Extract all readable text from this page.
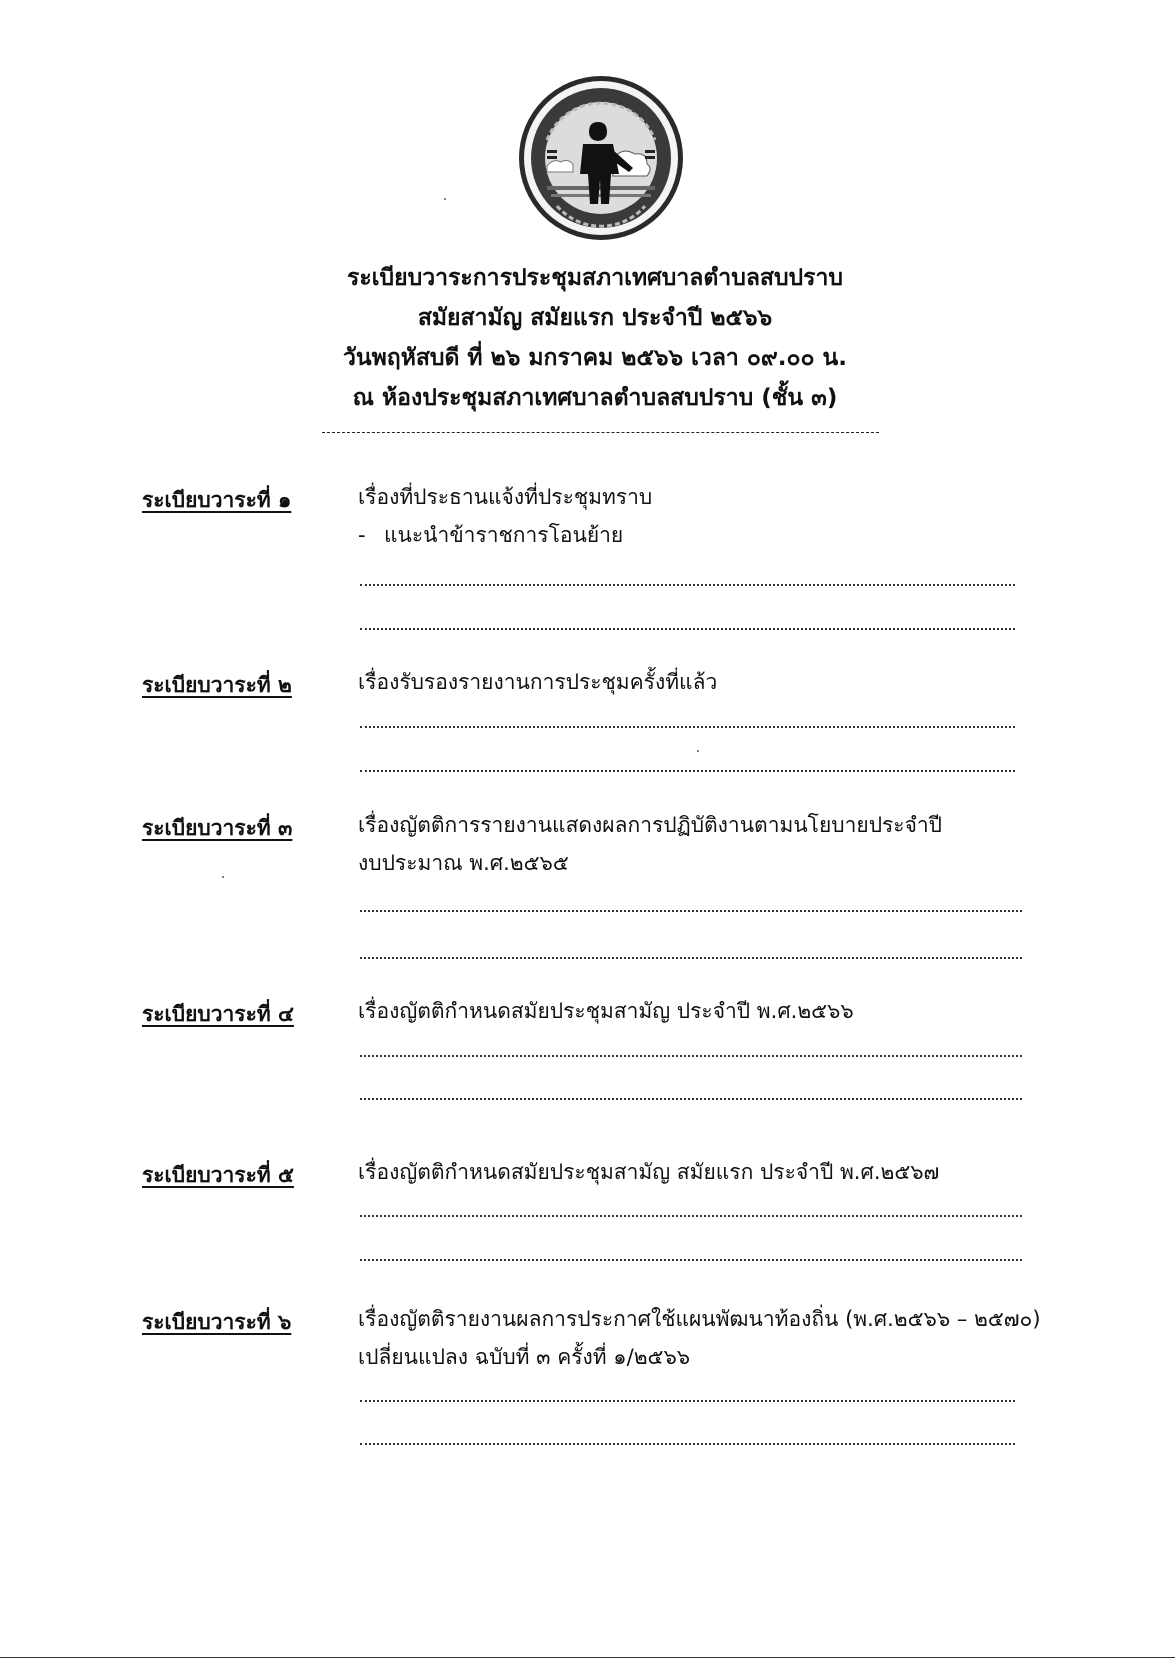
ระเบียบวาระการประชุมสภาเทศบาลตำบลสบปราบ
สมัยสามัญ สมัยแรก ประจำปี ๒๕๖๖
วันพฤหัสบดี ที่ ๒๖ มกราคม ๒๕๖๖ เวลา ๐๙.๐๐ น.
ณ ห้องประชุมสภาเทศบาลตำบลสบปราบ (ชั้น ๓)
ระเบียบวาระที่ ๑	เรื่องที่ประธานแจ้งที่ประชุมทราบ
- แนะนำข้าราชการโอนย้าย
ระเบียบวาระที่ ๒	เรื่องรับรองรายงานการประชุมครั้งที่แล้ว
ระเบียบวาระที่ ๓	เรื่องญัตติการรายงานแสดงผลการปฏิบัติงานตามนโยบายประจำปี
งบประมาณ พ.ศ.๒๕๖๕
ระเบียบวาระที่ ๔	เรื่องญัตติกำหนดสมัยประชุมสามัญ ประจำปี พ.ศ.๒๕๖๖
ระเบียบวาระที่ ๕	เรื่องญัตติกำหนดสมัยประชุมสามัญ สมัยแรก ประจำปี พ.ศ.๒๕๖๗
ระเบียบวาระที่ ๖	เรื่องญัตติรายงานผลการประกาศใช้แผนพัฒนาท้องถิ่น (พ.ศ.๒๕๖๖ – ๒๕๗๐)
เปลี่ยนแปลง ฉบับที่ ๓ ครั้งที่ ๑/๒๕๖๖
